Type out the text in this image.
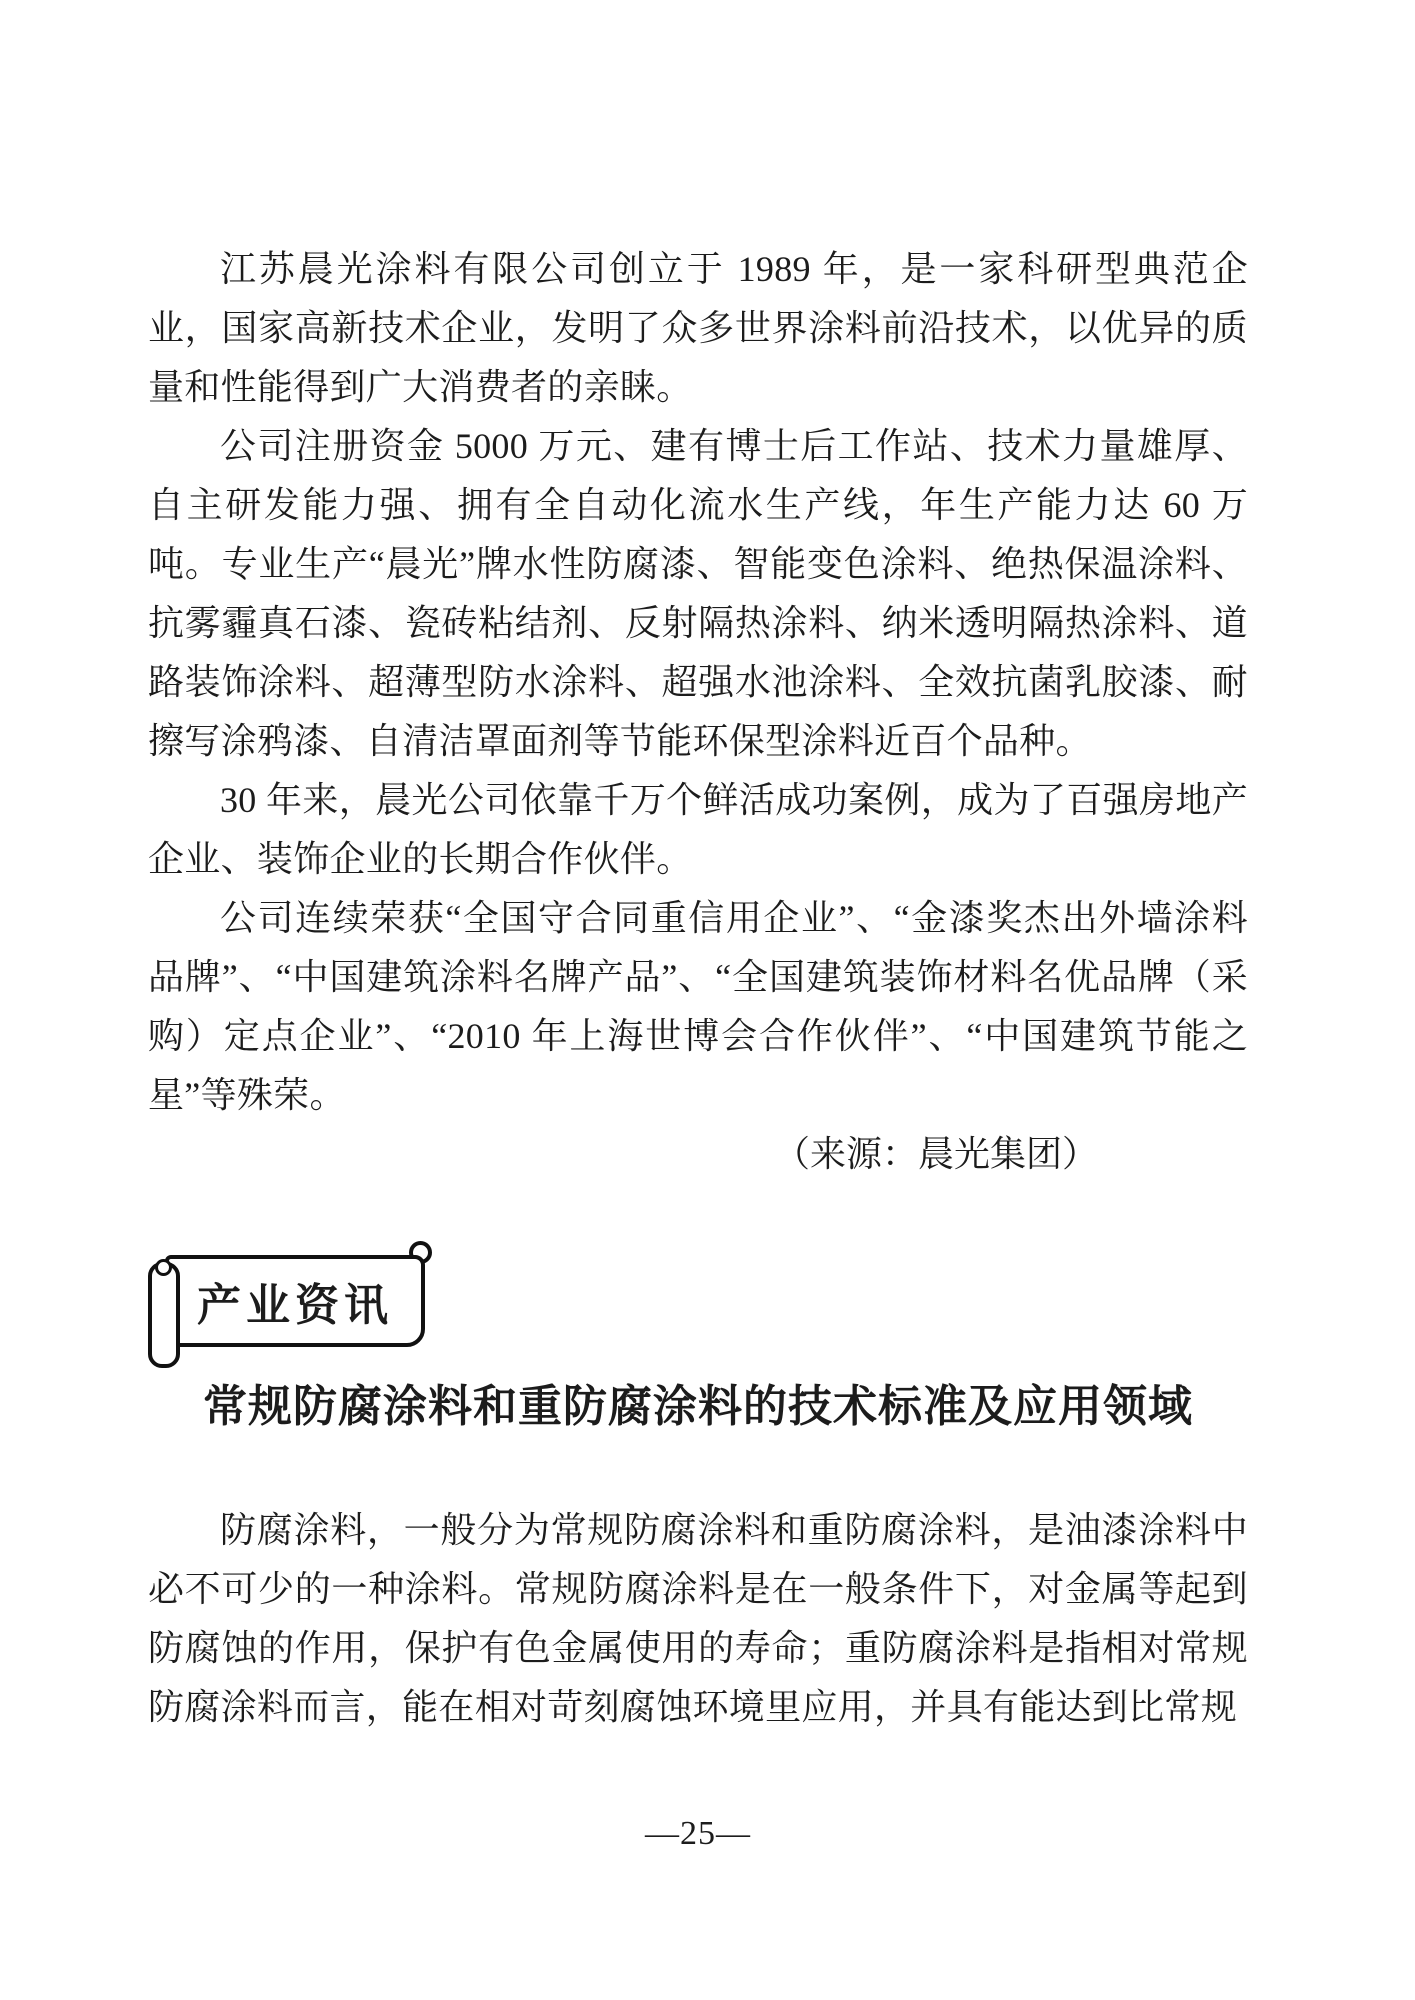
江苏晨光涂料有限公司创立于 1989 年，是一家科研型典范企业，国家高新技术企业，发明了众多世界涂料前沿技术，以优异的质量和性能得到广大消费者的亲睐。

公司注册资金 5000 万元、建有博士后工作站、技术力量雄厚、自主研发能力强、拥有全自动化流水生产线，年生产能力达 60 万吨。专业生产“晨光”牌水性防腐漆、智能变色涂料、绝热保温涂料、抗雾霾真石漆、瓷砖粘结剂、反射隔热涂料、纳米透明隔热涂料、道路装饰涂料、超薄型防水涂料、超强水池涂料、全效抗菌乳胶漆、耐擦写涂鸦漆、自清洁罩面剂等节能环保型涂料近百个品种。

30 年来，晨光公司依靠千万个鲜活成功案例，成为了百强房地产企业、装饰企业的长期合作伙伴。

公司连续荣获“全国守合同重信用企业”、“金漆奖杰出外墙涂料品牌”、“中国建筑涂料名牌产品”、“全国建筑装饰材料名优品牌（采购）定点企业”、“2010 年上海世博会合作伙伴”、“中国建筑节能之星”等殊荣。

（来源：晨光集团）

产业资讯
常规防腐涂料和重防腐涂料的技术标准及应用领域

防腐涂料，一般分为常规防腐涂料和重防腐涂料，是油漆涂料中必不可少的一种涂料。常规防腐涂料是在一般条件下，对金属等起到防腐蚀的作用，保护有色金属使用的寿命；重防腐涂料是指相对常规防腐涂料而言，能在相对苛刻腐蚀环境里应用，并具有能达到比常规

—25—
